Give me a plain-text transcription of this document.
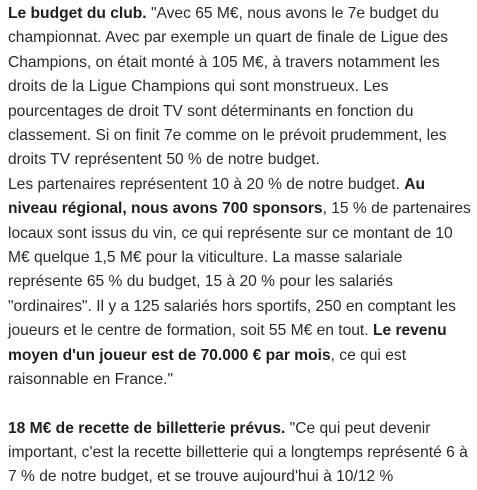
Le budget du club. "Avec 65 M€, nous avons le 7e budget du championnat. Avec par exemple un quart de finale de Ligue des Champions, on était monté à 105 M€, à travers notamment les droits de la Ligue Champions qui sont monstrueux. Les pourcentages de droit TV sont déterminants en fonction du classement. Si on finit 7e comme on le prévoit prudemment, les droits TV représentent 50 % de notre budget.

Les partenaires représentent 10 à 20 % de notre budget. Au niveau régional, nous avons 700 sponsors, 15 % de partenaires locaux sont issus du vin, ce qui représente sur ce montant de 10 M€ quelque 1,5 M€ pour la viticulture. La masse salariale représente 65 % du budget, 15 à 20 % pour les salariés "ordinaires". Il y a 125 salariés hors sportifs, 250 en comptant les joueurs et le centre de formation, soit 55 M€ en tout. Le revenu moyen d'un joueur est de 70.000 € par mois, ce qui est raisonnable en France."

18 M€ de recette de billetterie prévus. "Ce qui peut devenir important, c'est la recette billetterie qui a longtemps représenté 6 à 7 % de notre budget, et se trouve aujourd'hui à 10/12 %
